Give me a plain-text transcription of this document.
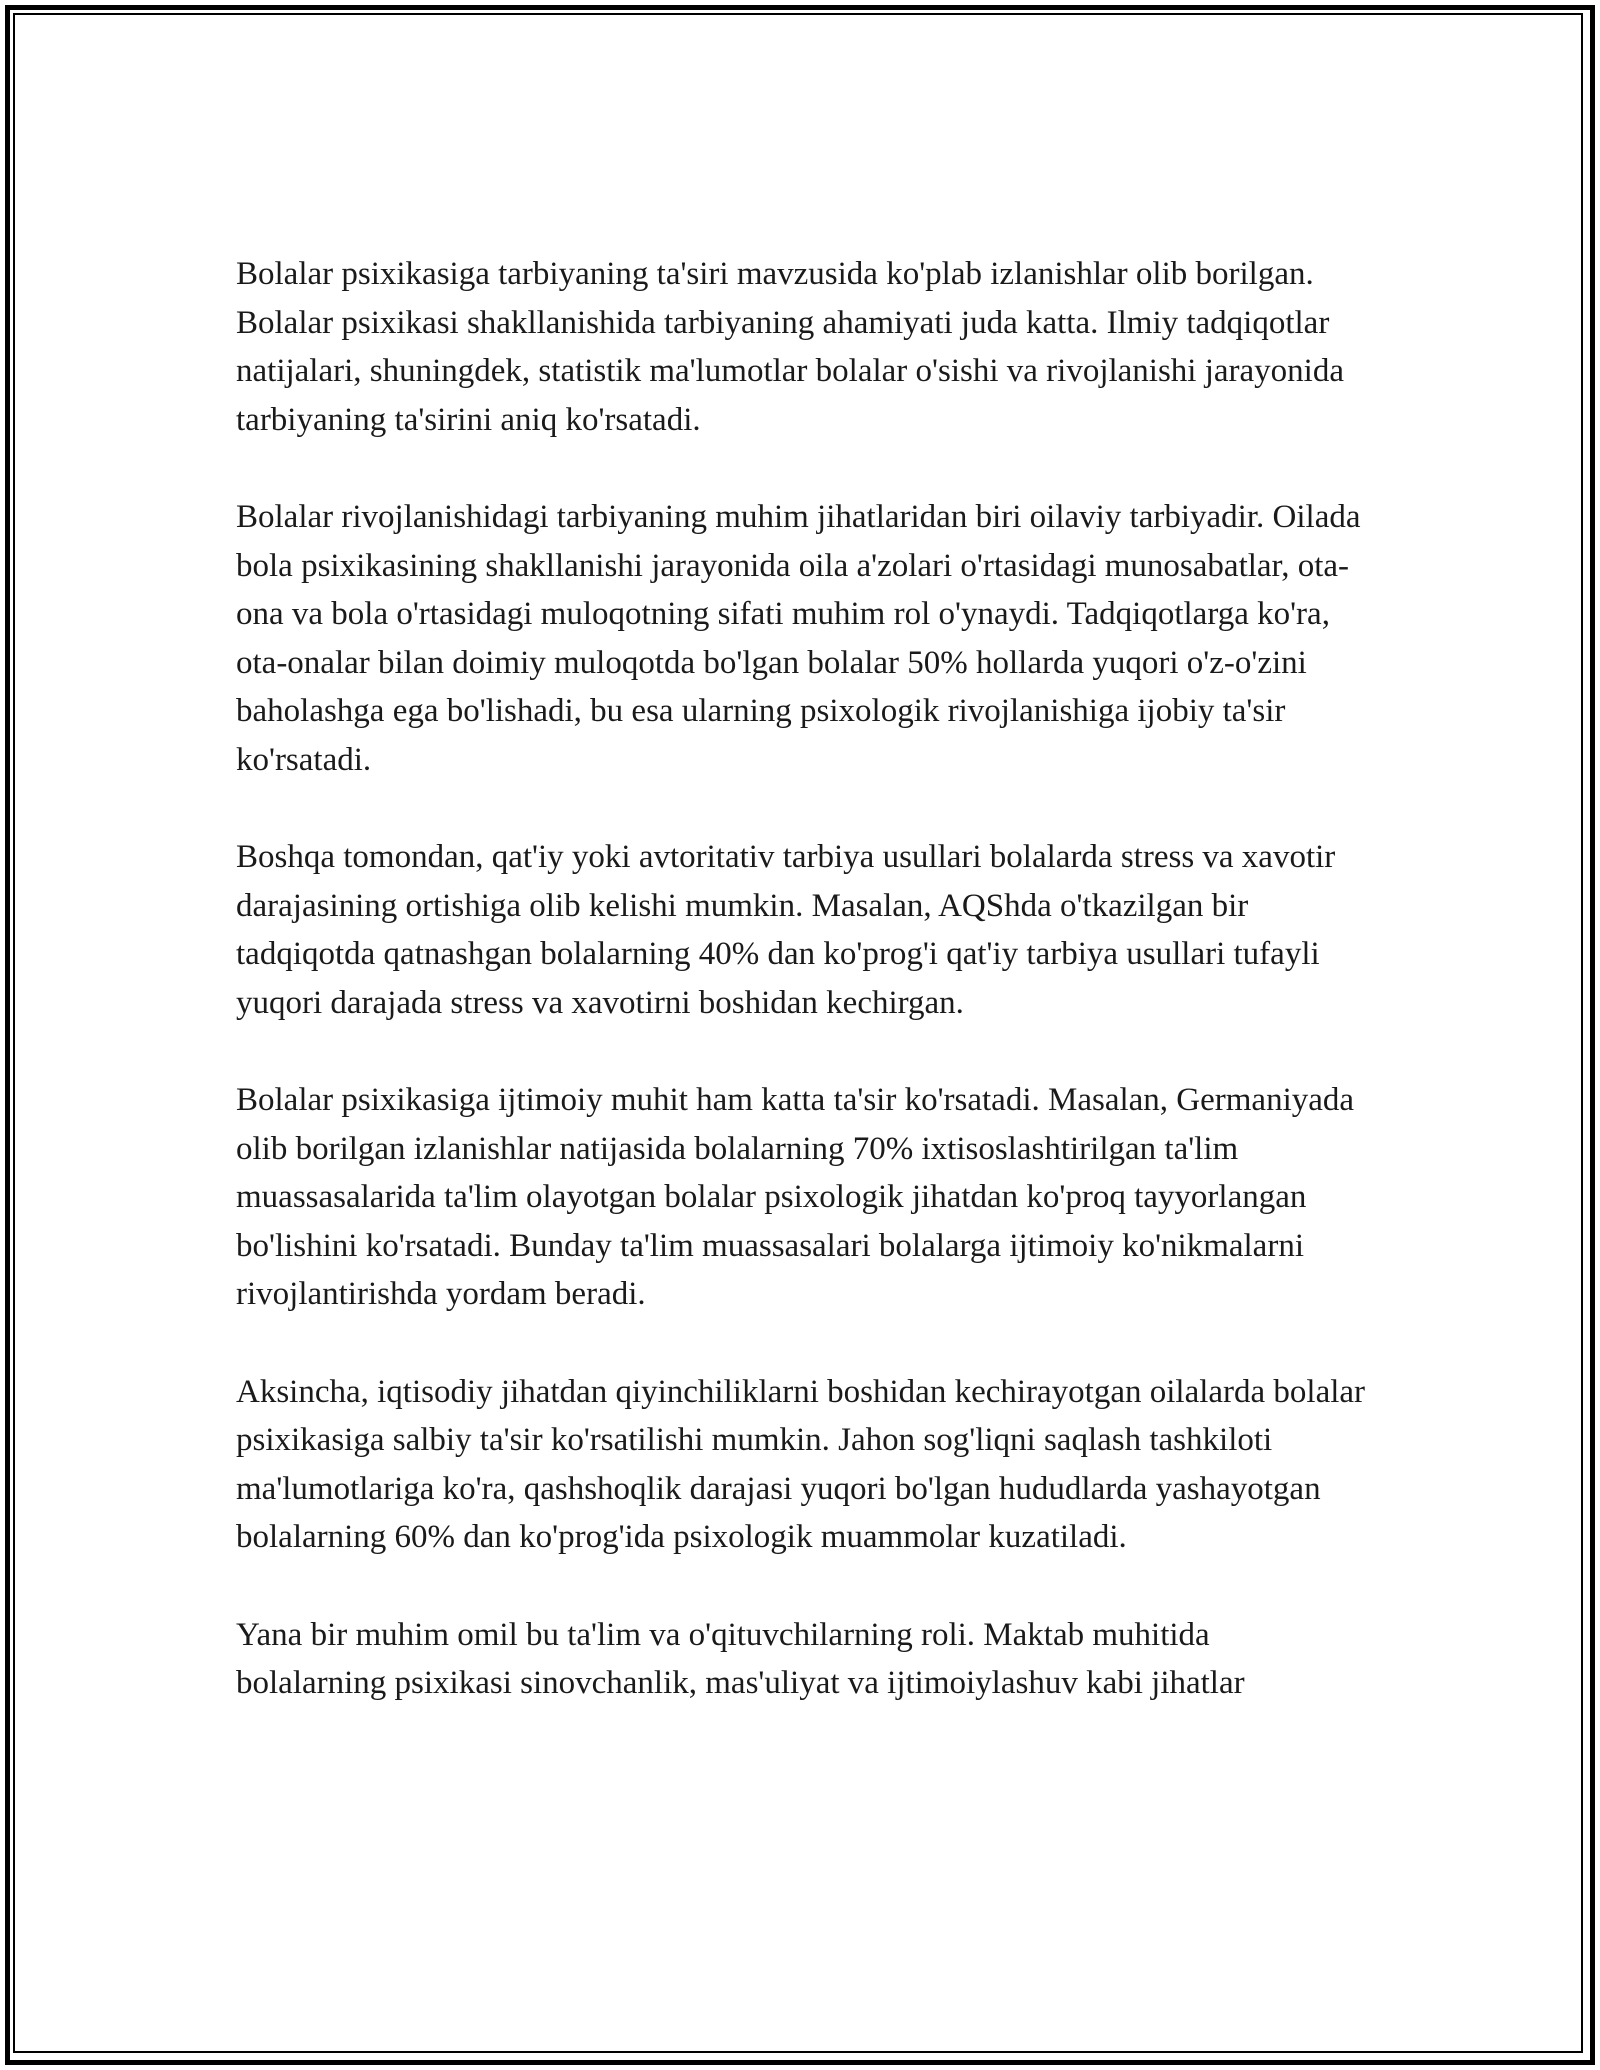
Bolalar psixikasiga tarbiyaning ta'siri mavzusida ko'plab izlanishlar olib borilgan. Bolalar psixikasi shakllanishida tarbiyaning ahamiyati juda katta. Ilmiy tadqiqotlar natijalari, shuningdek, statistik ma'lumotlar bolalar o'sishi va rivojlanishi jarayonida tarbiyaning ta'sirini aniq ko'rsatadi.

Bolalar rivojlanishidagi tarbiyaning muhim jihatlaridan biri oilaviy tarbiyadir. Oilada bola psixikasining shakllanishi jarayonida oila a'zolari o'rtasidagi munosabatlar, ota-ona va bola o'rtasidagi muloqotning sifati muhim rol o'ynaydi. Tadqiqotlarga ko'ra, ota-onalar bilan doimiy muloqotda bo'lgan bolalar 50% hollarda yuqori o'z-o'zini baholashga ega bo'lishadi, bu esa ularning psixologik rivojlanishiga ijobiy ta'sir ko'rsatadi.

Boshqa tomondan, qat'iy yoki avtoritativ tarbiya usullari bolalarda stress va xavotir darajasining ortishiga olib kelishi mumkin. Masalan, AQShda o'tkazilgan bir tadqiqotda qatnashgan bolalarning 40% dan ko'prog'i qat'iy tarbiya usullari tufayli yuqori darajada stress va xavotirni boshidan kechirgan.

Bolalar psixikasiga ijtimoiy muhit ham katta ta'sir ko'rsatadi. Masalan, Germaniyada olib borilgan izlanishlar natijasida bolalarning 70% ixtisoslashtirilgan ta'lim muassasalarida ta'lim olayotgan bolalar psixologik jihatdan ko'proq tayyorlangan bo'lishini ko'rsatadi. Bunday ta'lim muassasalari bolalarga ijtimoiy ko'nikmalarni rivojlantirishda yordam beradi.

Aksincha, iqtisodiy jihatdan qiyinchiliklarni boshidan kechirayotgan oilalarda bolalar psixikasiga salbiy ta'sir ko'rsatilishi mumkin. Jahon sog'liqni saqlash tashkiloti ma'lumotlariga ko'ra, qashshoqlik darajasi yuqori bo'lgan hududlarda yashayotgan bolalarning 60% dan ko'prog'ida psixologik muammolar kuzatiladi.

Yana bir muhim omil bu ta'lim va o'qituvchilarning roli. Maktab muhitida bolalarning psixikasi sinovchanlik, mas'uliyat va ijtimoiylashuv kabi jihatlar
